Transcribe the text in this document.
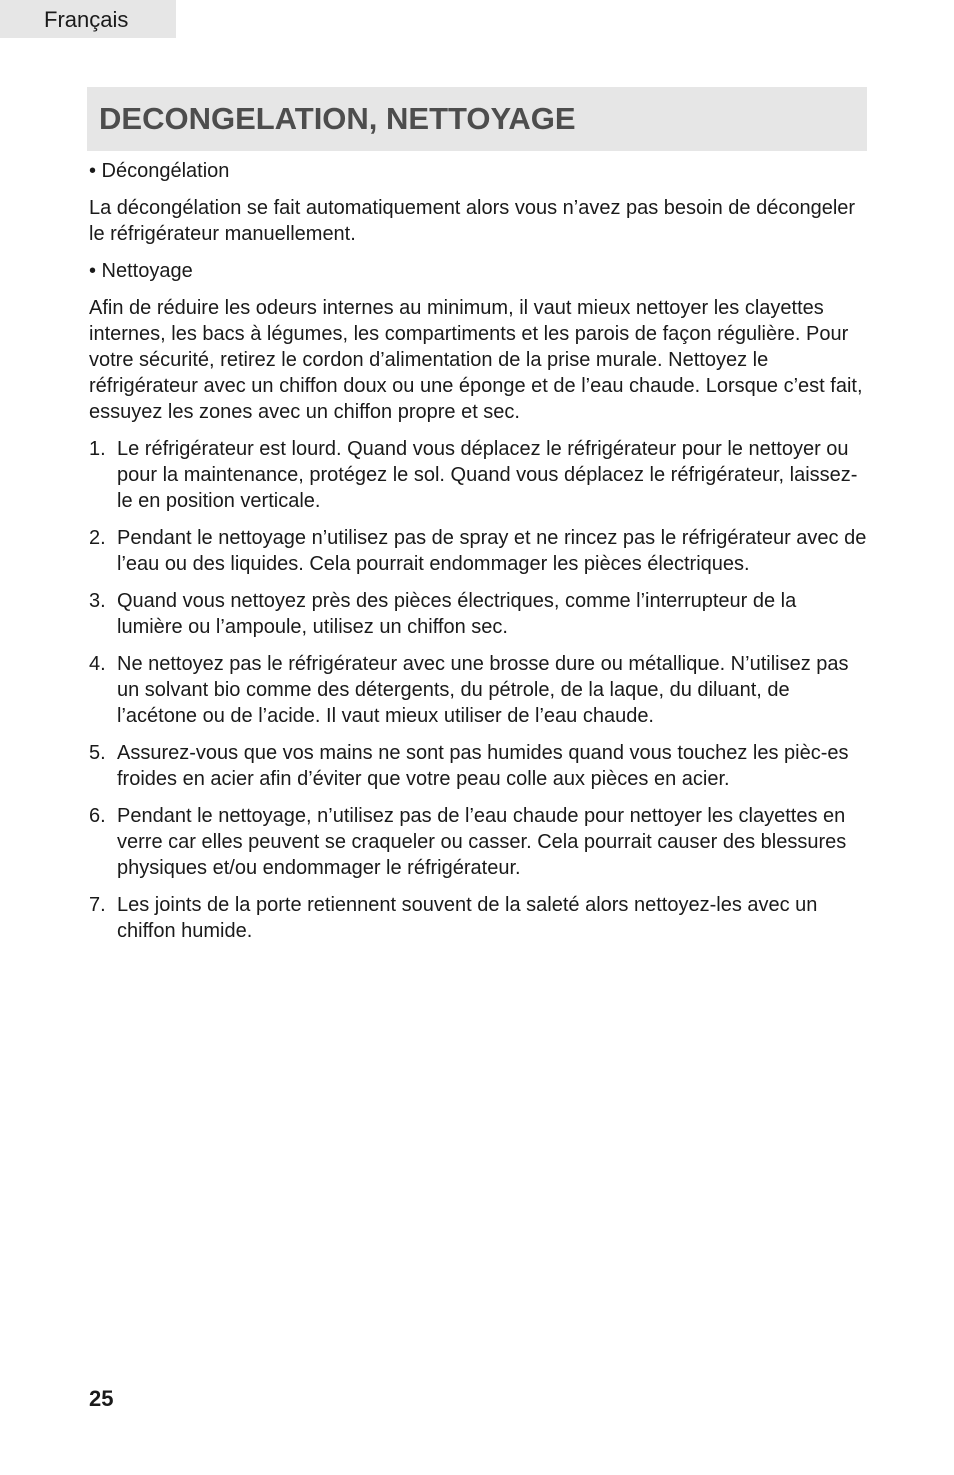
Français
DECONGELATION, NETTOYAGE

• Décongélation

La décongélation se fait automatiquement alors vous n’avez pas besoin de décongeler le réfrigérateur manuellement.

• Nettoyage

Afin de réduire les odeurs internes au minimum, il vaut mieux nettoyer les clayettes internes, les bacs à légumes, les compartiments et les parois de façon régulière. Pour votre sécurité, retirez le cordon d’alimentation de la prise murale. Nettoyez le réfrigérateur avec un chiffon doux ou une éponge et de l’eau chaude. Lorsque c’est fait, essuyez les zones avec un chiffon propre et sec.

1. Le réfrigérateur est lourd. Quand vous déplacez le réfrigérateur pour le nettoyer ou pour la maintenance, protégez le sol. Quand vous déplacez le réfrigérateur, laissez-le en position verticale.
2. Pendant le nettoyage n’utilisez pas de spray et ne rincez pas le réfrigérateur avec de l’eau ou des liquides. Cela pourrait endommager les pièces électriques.
3. Quand vous nettoyez près des pièces électriques, comme l’interrupteur de la lumière ou l’ampoule, utilisez un chiffon sec.
4. Ne nettoyez pas le réfrigérateur avec une brosse dure ou métallique. N’utilisez pas un solvant bio comme des détergents, du pétrole, de la laque, du diluant, de l’acétone ou de l’acide. Il vaut mieux utiliser de l’eau chaude.
5. Assurez-vous que vos mains ne sont pas humides quand vous touchez les pièc-es froides en acier afin d’éviter que votre peau colle aux pièces en acier.
6. Pendant le nettoyage, n’utilisez pas de l’eau chaude pour nettoyer les clayettes en verre car elles peuvent se craqueler ou casser. Cela pourrait causer des blessures physiques et/ou endommager le réfrigérateur.
7. Les joints de la porte retiennent souvent de la saleté alors nettoyez-les avec un chiffon humide.
25
